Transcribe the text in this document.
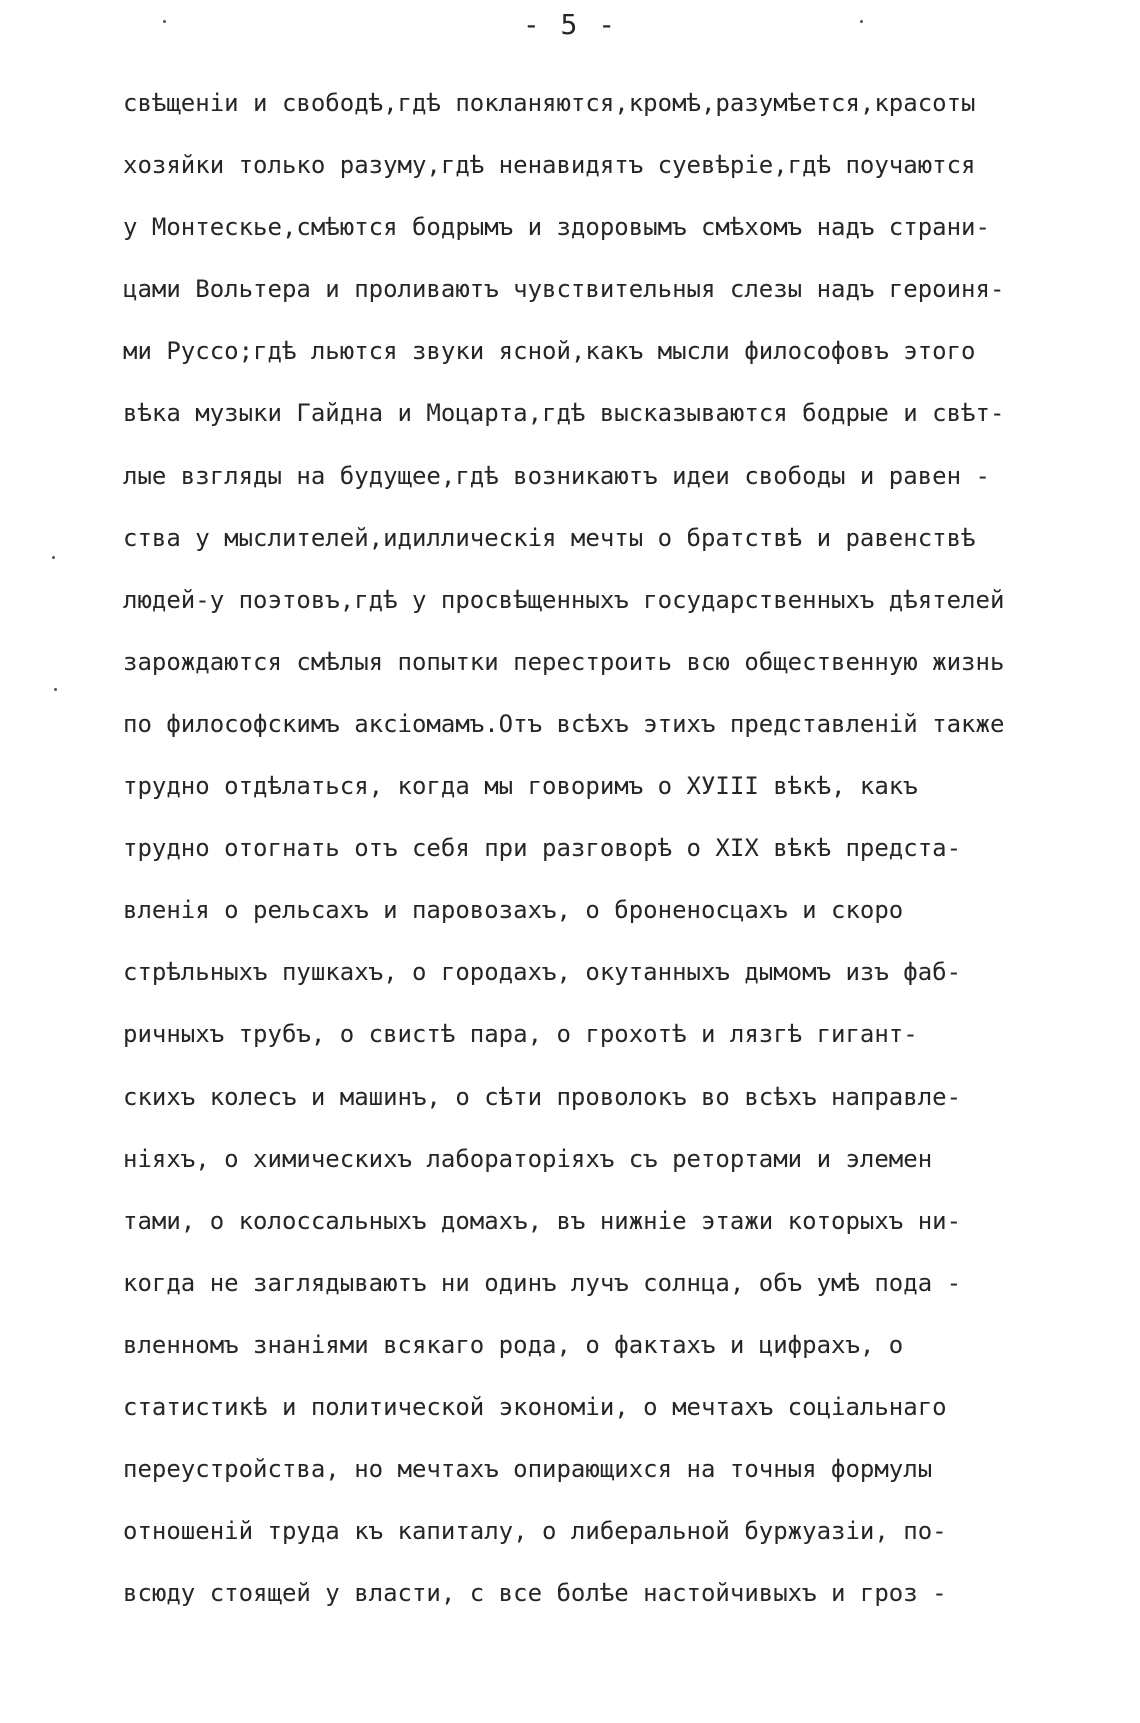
- 5 -
свѣщенiи и свободѣ,гдѣ покланяются,кромѣ,разумѣется,красоты
хозяйки только разуму,гдѣ ненавидятъ суевѣрiе,гдѣ поучаются
у Монтескье,смѣются бодрымъ и здоровымъ смѣхомъ надъ страни-
цами Вольтера и проливаютъ чувствительныя слезы надъ героиня-
ми Руссо;гдѣ льются звуки ясной,какъ мысли философовъ этого
вѣка музыки Гайдна и Моцарта,гдѣ высказываются бодрые и свѣт-
лые взгляды на будущее,гдѣ возникаютъ идеи свободы и равен -
ства у мыслителей,идиллическiя мечты о братствѣ и равенствѣ
людей-у поэтовъ,гдѣ у просвѣщенныхъ государственныхъ дѣятелей
зарождаются смѣлыя попытки перестроить всю общественную жизнь
по философскимъ аксiомамъ.Отъ всѣхъ этихъ представленiй также
трудно отдѣлаться, когда мы говоримъ о ХУIII вѣкѣ, какъ
трудно отогнать отъ себя при разговорѣ о XIX вѣкѣ предста-
вленiя о рельсахъ и паровозахъ, о броненосцахъ и скоро
стрѣльныхъ пушкахъ, о городахъ, окутанныхъ дымомъ изъ фаб-
ричныхъ трубъ, о свистѣ пара, о грохотѣ и лязгѣ гигант-
скихъ колесъ и машинъ, о сѣти проволокъ во всѣхъ направле-
нiяхъ, о химическихъ лабораторiяхъ съ ретортами и элемен
тами, о колоссальныхъ домахъ, въ нижнiе этажи которыхъ ни-
когда не заглядываютъ ни одинъ лучъ солнца, объ умѣ пода -
вленномъ знанiями всякаго рода, о фактахъ и цифрахъ, о
статистикѣ и политической экономiи, о мечтахъ соцiальнаго
переустройства, но мечтахъ опирающихся на точныя формулы
отношенiй труда къ капиталу, о либеральной буржуазiи, по-
всюду стоящей у власти, с все болѣе настойчивыхъ и гроз -
